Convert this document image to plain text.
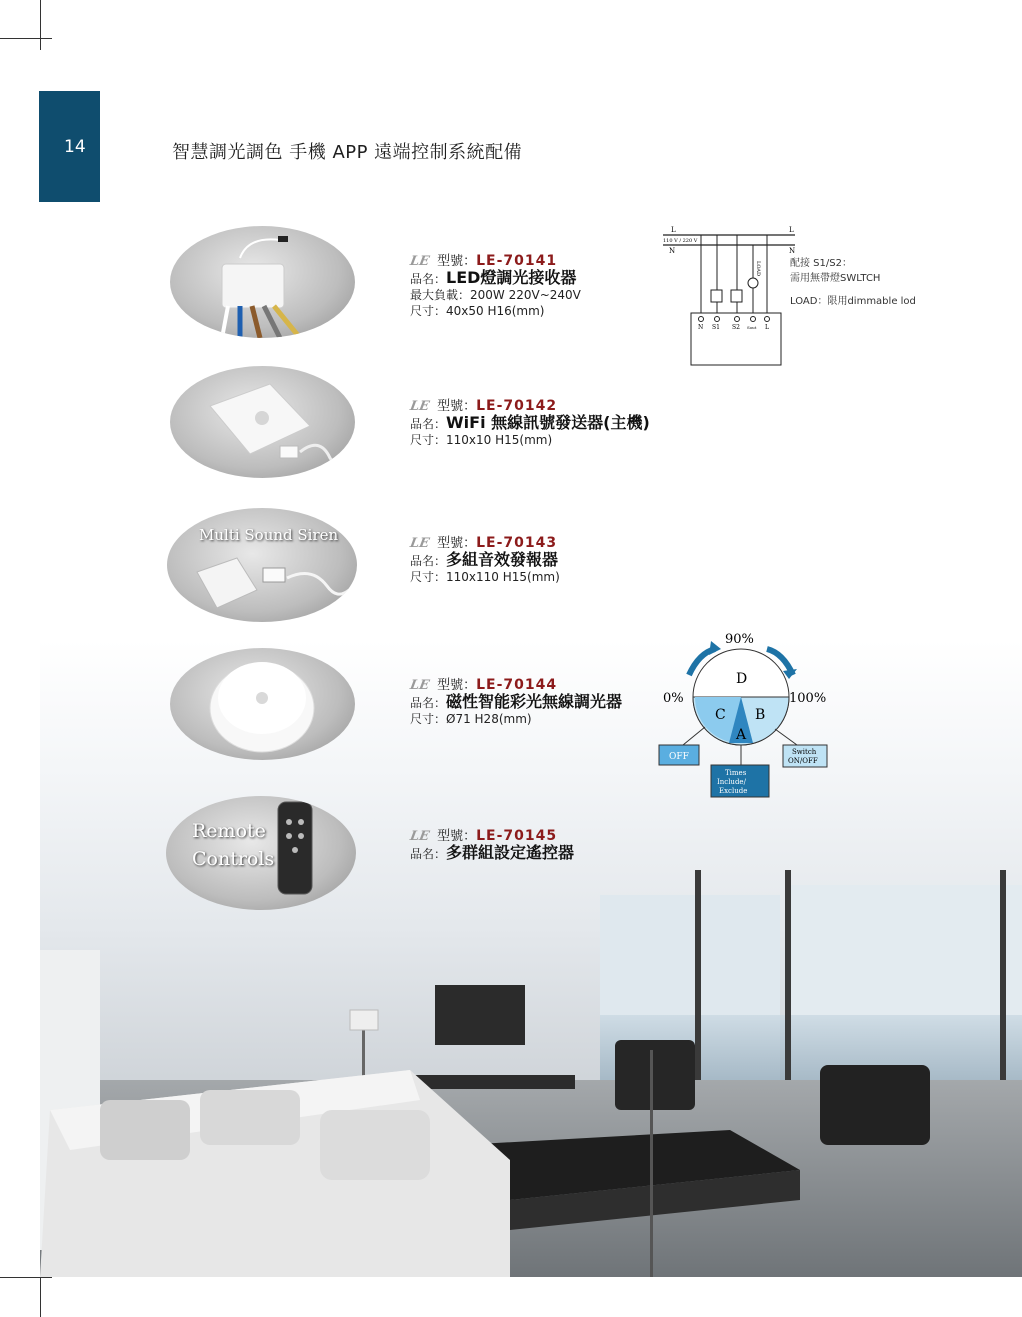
14	智慧調光調色 手機 APP 遠端控制系統配備
LE 型號：LE-70141
品名：LED燈調光接收器
最大負載：200W 220V~240V
尺寸：40x50 H16(mm)
L	L
110 V / 220 V
N	N
LOAD
N S1 S2 Sout L
配接 S1/S2：
需用無帶燈SWLTCH
LOAD：限用dimmable lod
LE 型號：LE-70142
品名：WiFi 無線訊號發送器(主機)
尺寸：110x10 H15(mm)
Multi Sound Siren	LE 型號：LE-70143
品名：多組音效發報器
尺寸：110x110 H15(mm)
LE 型號：LE-70144
品名：磁性智能彩光無線調光器
尺寸：Ø71 H28(mm)
90%
0%	100%
D
C B
A
OFF	Switch
ON/OFF
Times
Include/
Exclude
Remote
Controls
LE 型號：LE-70145
品名：多群組設定遙控器
